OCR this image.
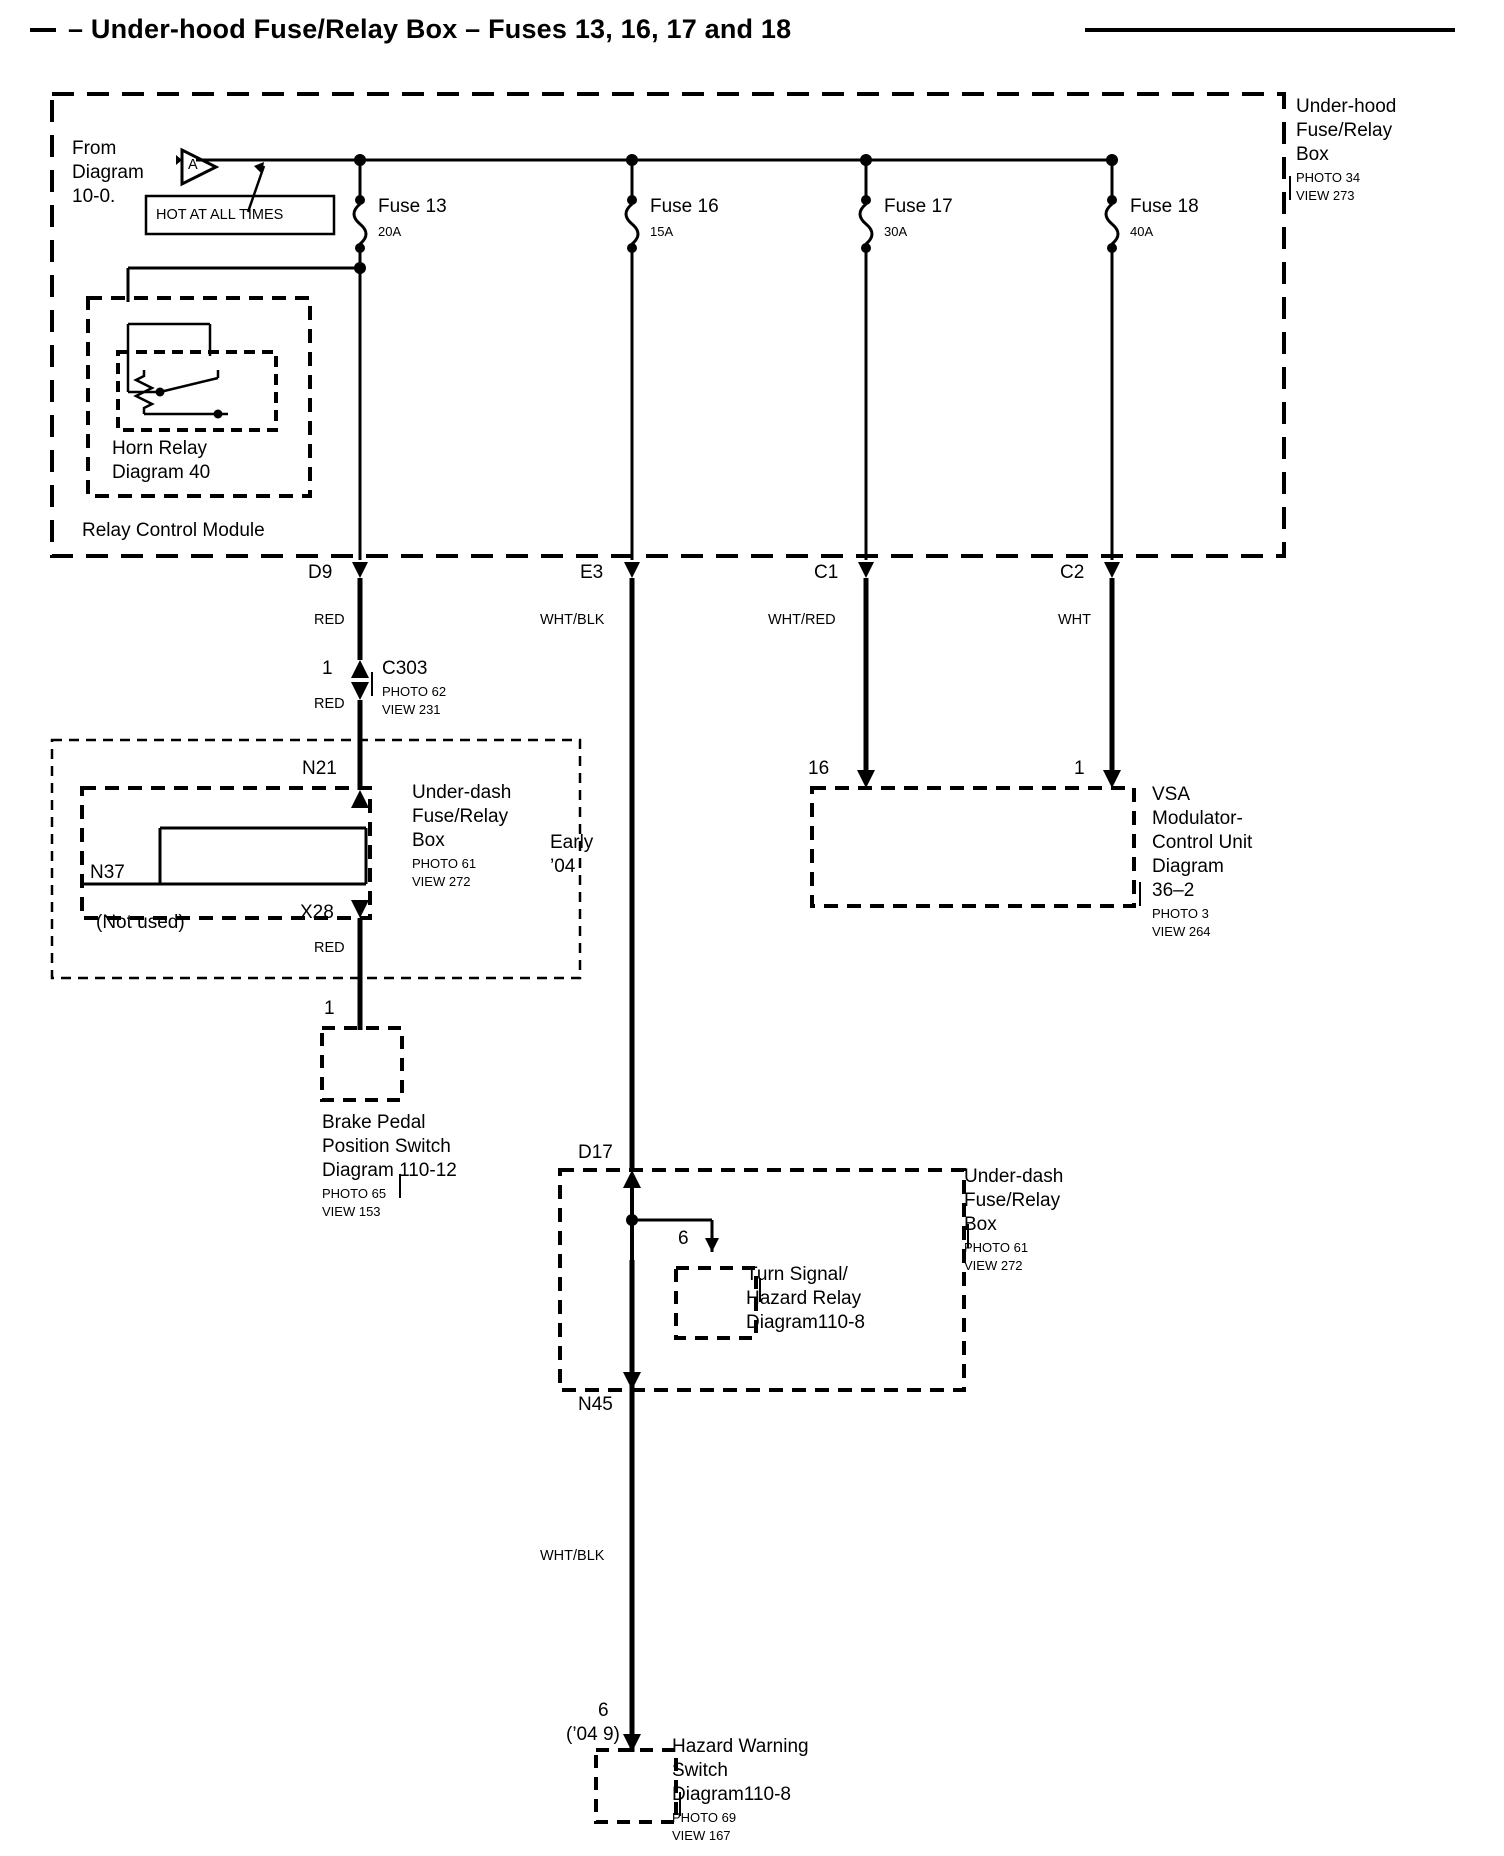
– Under-hood Fuse/Relay Box – Fuses 13, 16, 17 and 18
From
Diagram
10-0.
A
HOT AT ALL TIMES
Under-hood
Fuse/Relay
Box
PHOTO 34
VIEW 273
Fuse 13
20A
Fuse 16
15A
Fuse 17
30A
Fuse 18
40A
Horn Relay
Diagram 40
Relay Control Module
D9	E3	C1	C2
RED	WHT/BLK	WHT/RED	WHT
1	C303
PHOTO 62
VIEW 231
RED
N21
Under-dash
Fuse/Relay
Box
PHOTO 61
VIEW 272
Early
’04
N37
(Not used)	X28
RED
1
Brake Pedal
Position Switch
Diagram 110-12
PHOTO 65
VIEW 153
16	1
VSA
Modulator-
Control Unit
Diagram
36–2
PHOTO 3
VIEW 264
D17
Under-dash
Fuse/Relay
Box
PHOTO 61
VIEW 272
6
Turn Signal/
Hazard Relay
Diagram110-8
N45
WHT/BLK
6
(’04 9)
Hazard Warning
Switch
Diagram110-8
PHOTO 69
VIEW 167
